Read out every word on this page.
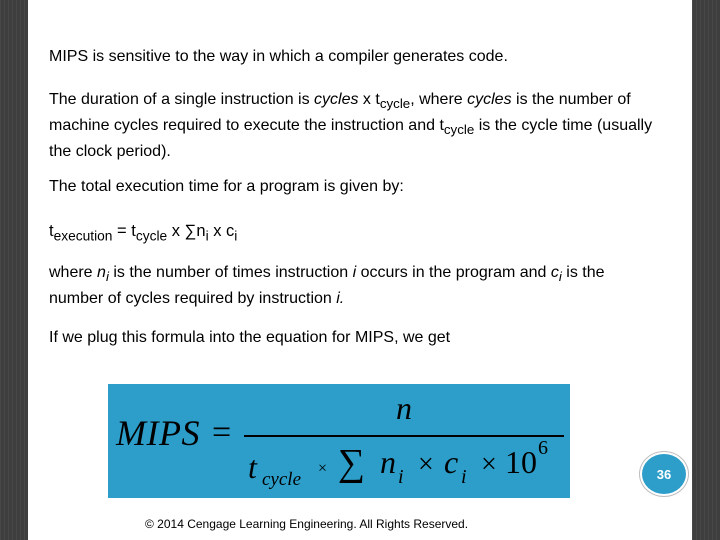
MIPS is sensitive to the way in which a compiler generates code.
The duration of a single instruction is cycles x $t_{cycle}$, where cycles is the number of machine cycles required to execute the instruction and $t_{cycle}$ is the cycle time (usually the clock period).
The total execution time for a program is given by:
$t_{execution} = t_{cycle}$ x $\sum n_i$ x $c_i$
where $n_i$ is the number of times instruction i occurs in the program and $c_i$ is the number of cycles required by instruction i.
If we plug this formula into the equation for MIPS, we get
MIPS =
n
t cycle
× ∑ n i × c i × 10 6
36
© 2014 Cengage Learning Engineering. All Rights Reserved.
